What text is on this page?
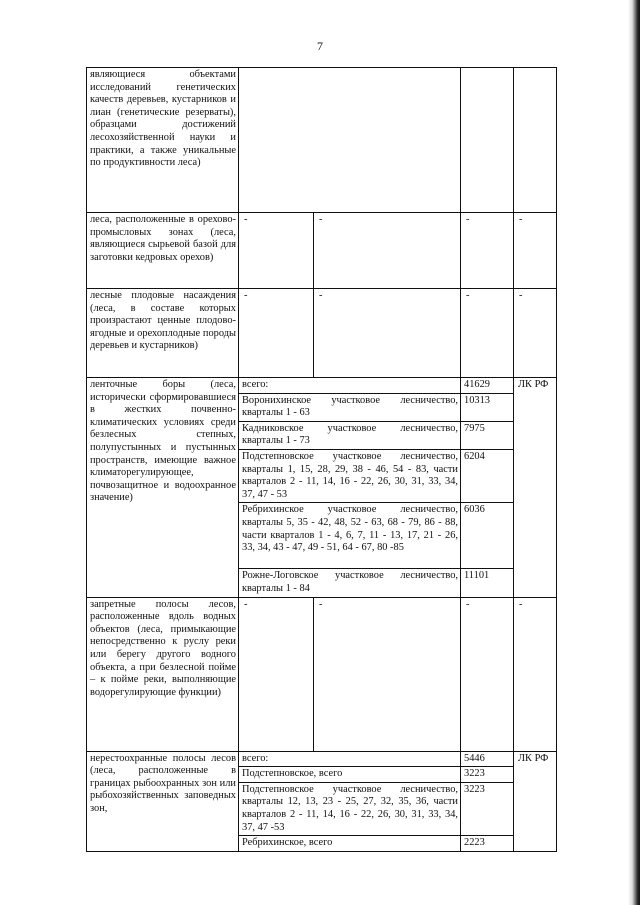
7
являющиеся объектами исследований генетических качеств деревьев, кустарников и лиан (генетические резерваты), образцами достижений лесохозяйственной науки и практики, а также уникальные по продуктивности леса)				
леса, расположенные в орехово-промысловых зонах (леса, являющиеся сырьевой базой для заготовки кедровых орехов)	-	-	-	-
лесные плодовые насаждения (леса, в составе которых произрастают ценные плодово-ягодные и орехоплодные породы деревьев и кустарников)	-	-	-	-
ленточные боры (леса, исторически сформировавшиеся в жестких почвенно-климатических условиях среди безлесных степных, полупустынных и пустынных пространств, имеющие важное климаторегулирующее, почвозащитное и водоохранное значение)	всего:		41629	ЛК РФ
	Воронихинское участковое лесничество, кварталы 1 - 63		10313	
	Кадниковское участковое лесничество, кварталы 1 - 73		7975	
	Подстепновское участковое лесничество, кварталы 1, 15, 28, 29, 38 - 46, 54 - 83, части кварталов 2 - 11, 14, 16 - 22, 26, 30, 31, 33, 34, 37, 47 - 53		6204	
	Ребрихинское участковое лесничество, кварталы 5, 35 - 42, 48, 52 - 63, 68 - 79, 86 - 88, части кварталов 1 - 4, 6, 7, 11 - 13, 17, 21 - 26, 33, 34, 43 - 47, 49 - 51, 64 - 67, 80 -85		6036	
	Рожне-Логовское участковое лесничество, кварталы 1 - 84		11101	
запретные полосы лесов, расположенные вдоль водных объектов (леса, примыкающие непосредственно к руслу реки или берегу другого водного объекта, а при безлесной пойме – к пойме реки, выполняющие водорегулирующие функции)	-	-	-	-
нерестоохранные полосы лесов (леса, расположенные в границах рыбоохранных зон или рыбохозяйственных заповедных зон,	всего:		5446	ЛК РФ
	Подстепновское, всего		3223	
	Подстепновское участковое лесничество, кварталы 12, 13, 23 - 25, 27, 32, 35, 36, части кварталов 2 - 11, 14, 16 - 22, 26, 30, 31, 33, 34, 37, 47 -53		3223	
	Ребрихинское, всего		2223	
